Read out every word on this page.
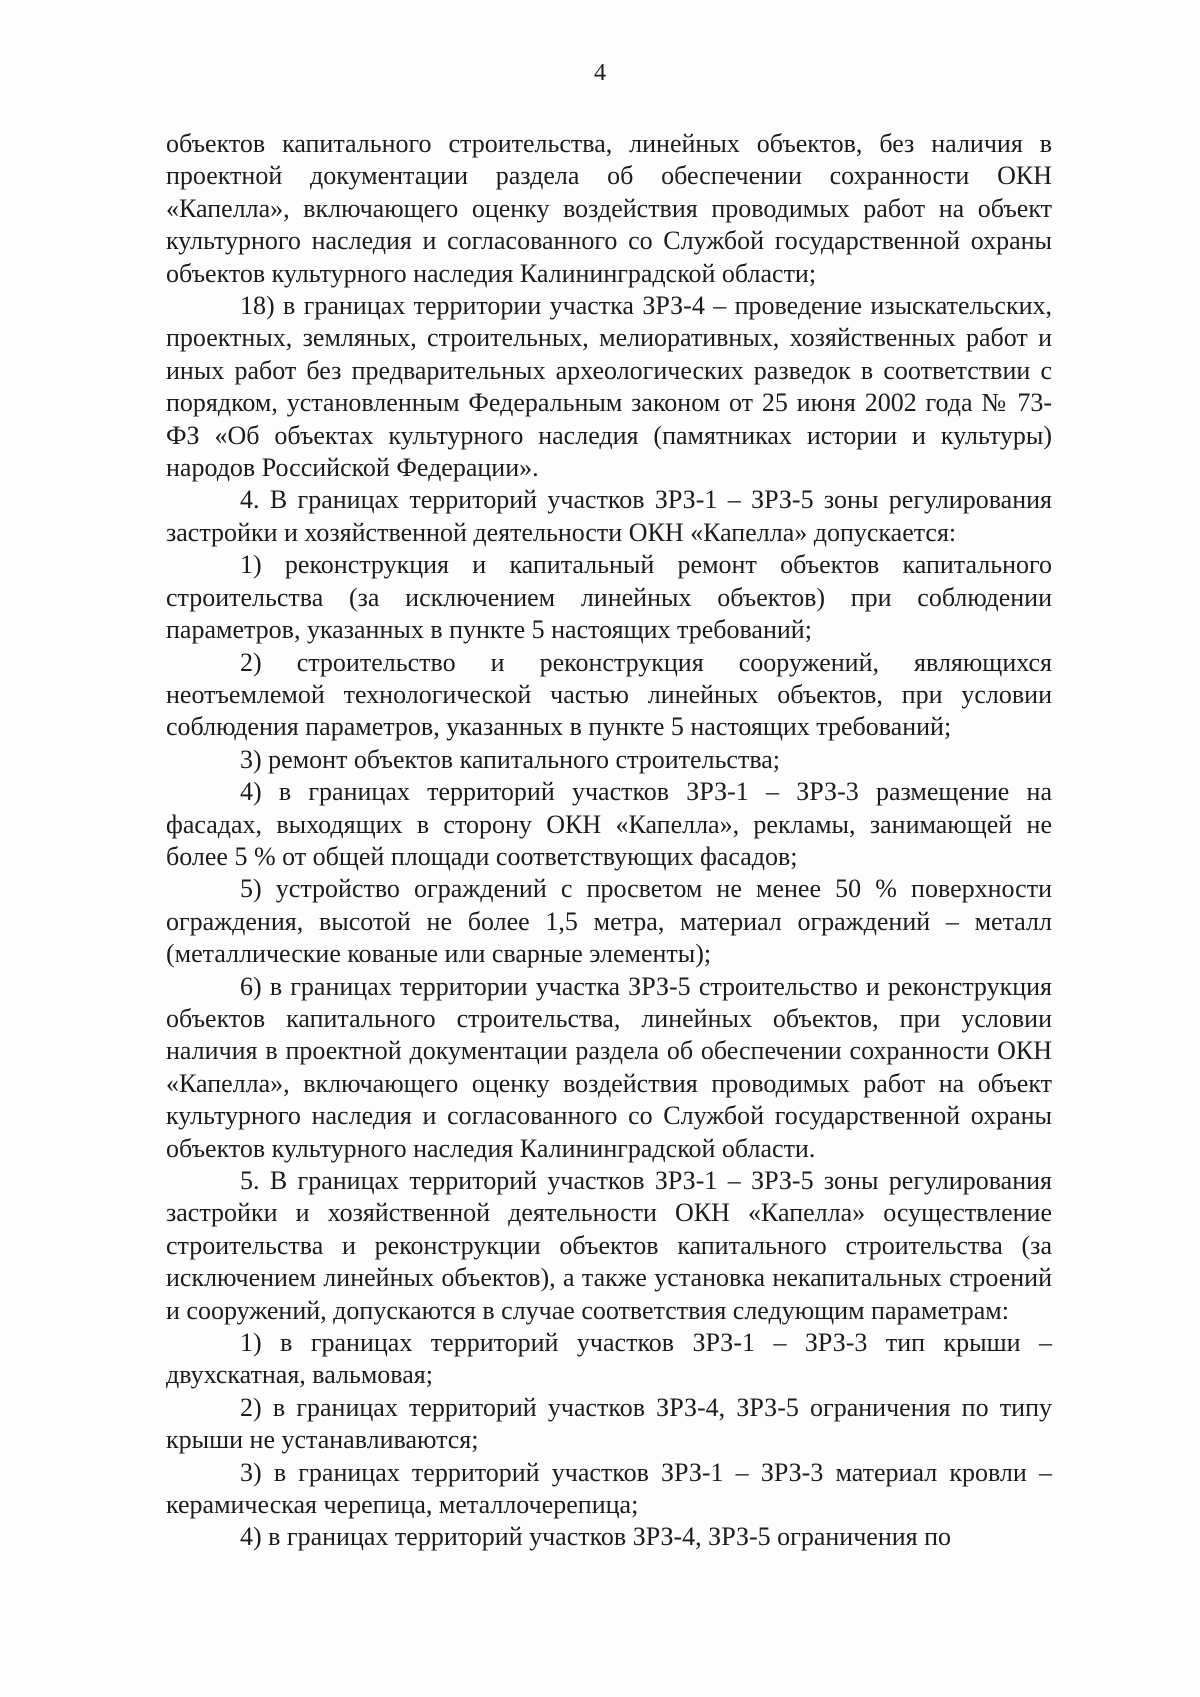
4

объектов капитального строительства, линейных объектов, без наличия в проектной документации раздела об обеспечении сохранности ОКН «Капелла», включающего оценку воздействия проводимых работ на объект культурного наследия и согласованного со Службой государственной охраны объектов культурного наследия Калининградской области;

18) в границах территории участка ЗРЗ-4 – проведение изыскательских, проектных, земляных, строительных, мелиоративных, хозяйственных работ и иных работ без предварительных археологических разведок в соответствии с порядком, установленным Федеральным законом от 25 июня 2002 года № 73-ФЗ «Об объектах культурного наследия (памятниках истории и культуры) народов Российской Федерации».

4. В границах территорий участков ЗРЗ-1 – ЗРЗ-5 зоны регулирования застройки и хозяйственной деятельности ОКН «Капелла» допускается:

1) реконструкция и капитальный ремонт объектов капитального строительства (за исключением линейных объектов) при соблюдении параметров, указанных в пункте 5 настоящих требований;

2) строительство и реконструкция сооружений, являющихся неотъемлемой технологической частью линейных объектов, при условии соблюдения параметров, указанных в пункте 5 настоящих требований;

3) ремонт объектов капитального строительства;

4) в границах территорий участков ЗРЗ-1 – ЗРЗ-3 размещение на фасадах, выходящих в сторону ОКН «Капелла», рекламы, занимающей не более 5 % от общей площади соответствующих фасадов;

5) устройство ограждений с просветом не менее 50 % поверхности ограждения, высотой не более 1,5 метра, материал ограждений – металл (металлические кованые или сварные элементы);

6) в границах территории участка ЗРЗ-5 строительство и реконструкция объектов капитального строительства, линейных объектов, при условии наличия в проектной документации раздела об обеспечении сохранности ОКН «Капелла», включающего оценку воздействия проводимых работ на объект культурного наследия и согласованного со Службой государственной охраны объектов культурного наследия Калининградской области.

5. В границах территорий участков ЗРЗ-1 – ЗРЗ-5 зоны регулирования застройки и хозяйственной деятельности ОКН «Капелла» осуществление строительства и реконструкции объектов капитального строительства (за исключением линейных объектов), а также установка некапитальных строений и сооружений, допускаются в случае соответствия следующим параметрам:

1) в границах территорий участков ЗРЗ-1 – ЗРЗ-3 тип крыши – двухскатная, вальмовая;

2) в границах территорий участков ЗРЗ-4, ЗРЗ-5 ограничения по типу крыши не устанавливаются;

3) в границах территорий участков ЗРЗ-1 – ЗРЗ-3 материал кровли – керамическая черепица, металлочерепица;

4) в границах территорий участков ЗРЗ-4, ЗРЗ-5 ограничения по
